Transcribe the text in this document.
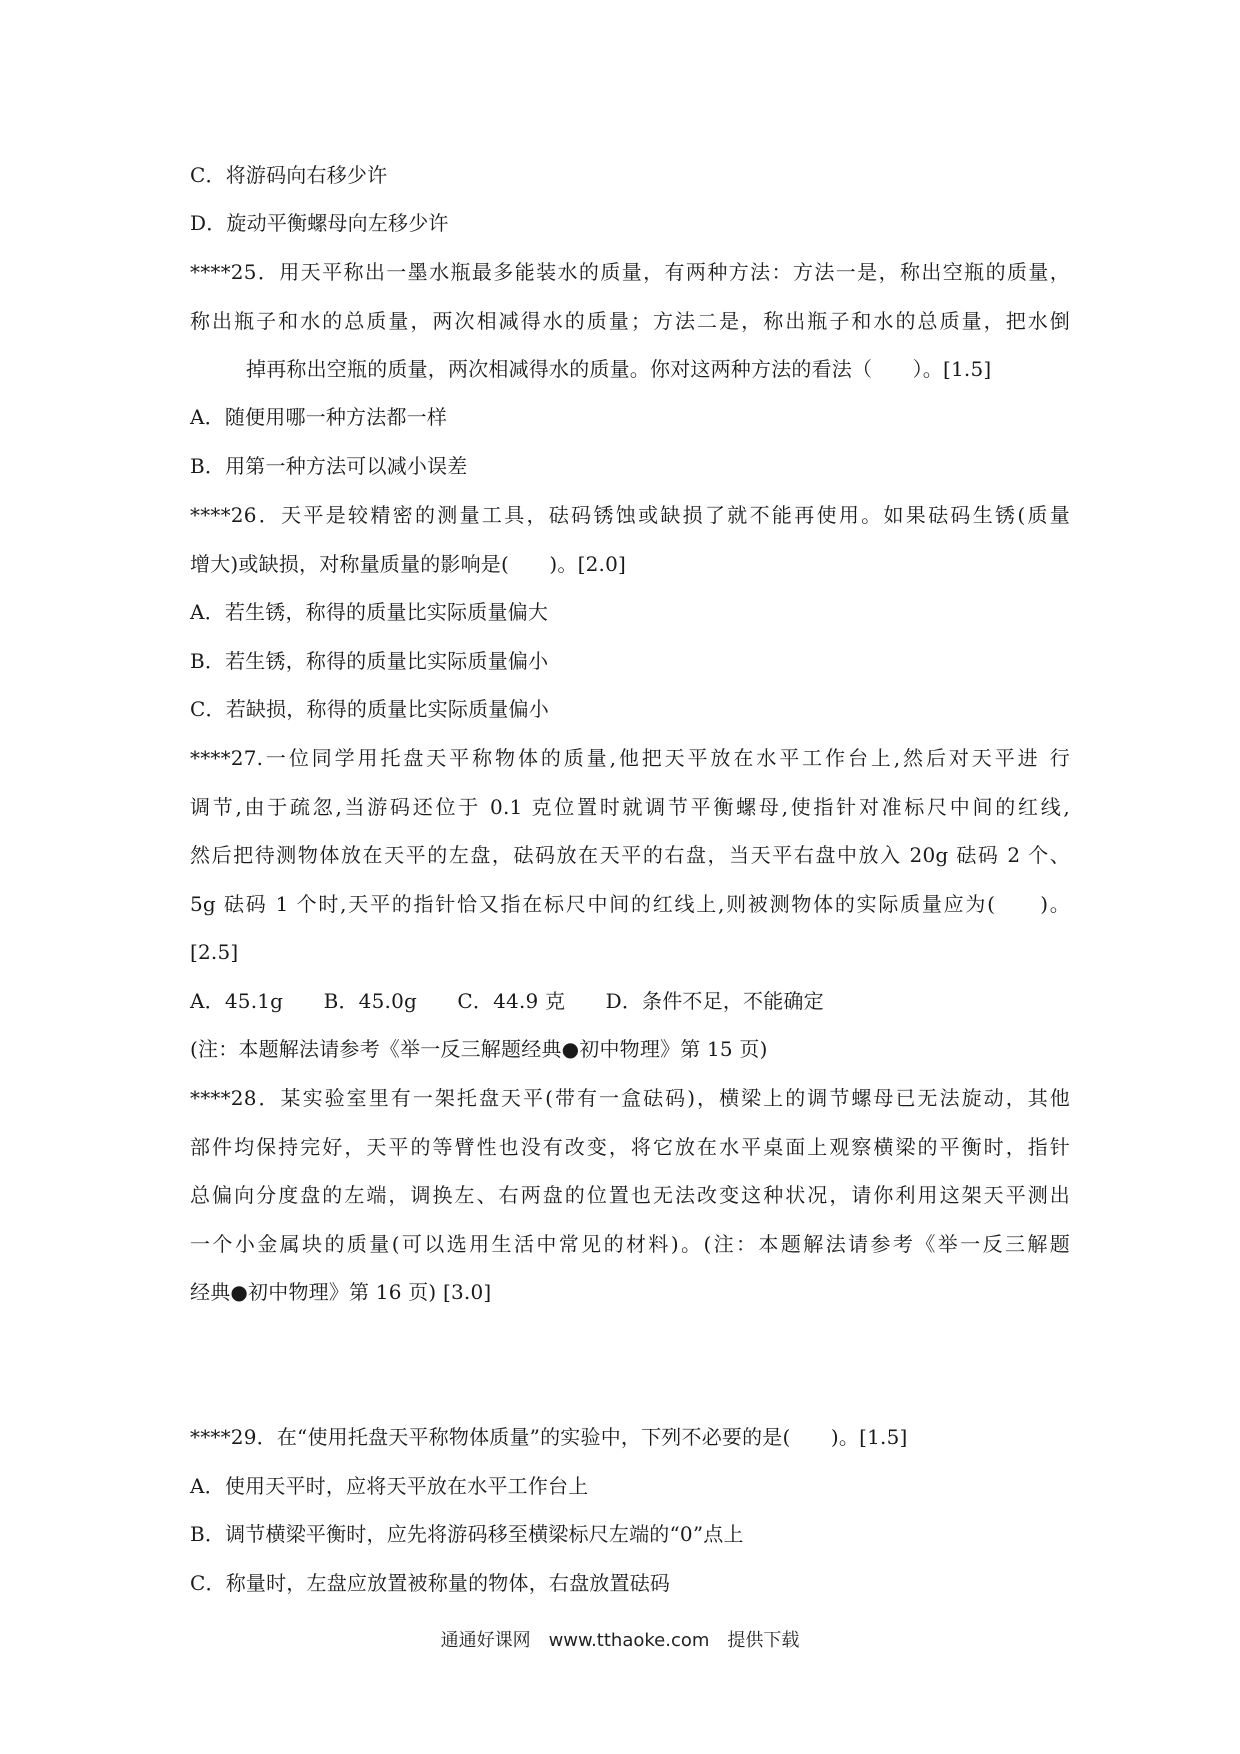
C．将游码向右移少许
D．旋动平衡螺母向左移少许
****25．用天平称出一墨水瓶最多能装水的质量，有两种方法：方法一是，称出空瓶的质量，
称出瓶子和水的总质量，两次相减得水的质量；方法二是，称出瓶子和水的总质量，把水倒
掉再称出空瓶的质量，两次相减得水的质量。你对这两种方法的看法（　　）。[1.5]
A．随便用哪一种方法都一样
B．用第一种方法可以减小误差
****26．天平是较精密的测量工具，砝码锈蚀或缺损了就不能再使用。如果砝码生锈(质量
增大)或缺损，对称量质量的影响是(　　)。[2.0]
A．若生锈，称得的质量比实际质量偏大
B．若生锈，称得的质量比实际质量偏小
C．若缺损，称得的质量比实际质量偏小
****27.一位同学用托盘天平称物体的质量,他把天平放在水平工作台上,然后对天平进 行
调节,由于疏忽,当游码还位于 0.1 克位置时就调节平衡螺母,使指针对准标尺中间的红线,
然后把待测物体放在天平的左盘，砝码放在天平的右盘，当天平右盘中放入 20g 砝码 2 个、
5g 砝码 1 个时,天平的指针恰又指在标尺中间的红线上,则被测物体的实际质量应为(　　)。
[2.5]
A．45.1g　　B．45.0g　　C．44.9 克　　D．条件不足，不能确定
(注：本题解法请参考《举一反三解题经典●初中物理》第 15 页)
****28．某实验室里有一架托盘天平(带有一盒砝码)，横梁上的调节螺母已无法旋动，其他
部件均保持完好，天平的等臂性也没有改变，将它放在水平桌面上观察横梁的平衡时，指针
总偏向分度盘的左端，调换左、右两盘的位置也无法改变这种状况，请你利用这架天平测出
一个小金属块的质量(可以选用生活中常见的材料)。(注：本题解法请参考《举一反三解题
经典●初中物理》第 16 页) [3.0]
****29．在“使用托盘天平称物体质量”的实验中，下列不必要的是(　　)。[1.5]
A．使用天平时，应将天平放在水平工作台上
B．调节横梁平衡时，应先将游码移至横梁标尺左端的“0”点上
C．称量时，左盘应放置被称量的物体，右盘放置砝码
通通好课网　www.tthaoke.com　提供下载
